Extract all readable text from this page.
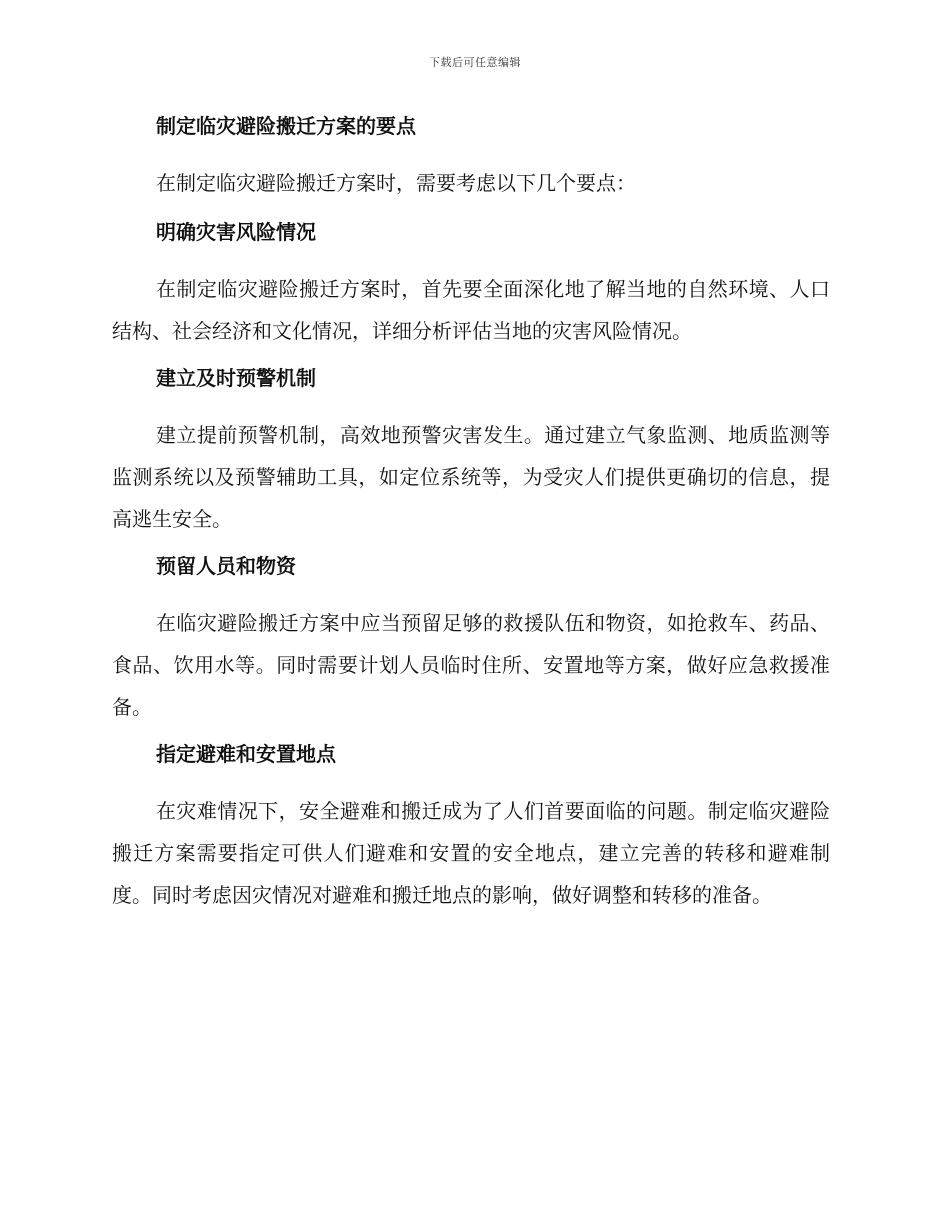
下载后可任意编辑
制定临灾避险搬迁方案的要点

在制定临灾避险搬迁方案时，需要考虑以下几个要点：

明确灾害风险情况

在制定临灾避险搬迁方案时，首先要全面深化地了解当地的自然环境、人口结构、社会经济和文化情况，详细分析评估当地的灾害风险情况。

建立及时预警机制

建立提前预警机制，高效地预警灾害发生。通过建立气象监测、地质监测等监测系统以及预警辅助工具，如定位系统等，为受灾人们提供更确切的信息，提高逃生安全。

预留人员和物资

在临灾避险搬迁方案中应当预留足够的救援队伍和物资，如抢救车、药品、食品、饮用水等。同时需要计划人员临时住所、安置地等方案，做好应急救援准备。

指定避难和安置地点

在灾难情况下，安全避难和搬迁成为了人们首要面临的问题。制定临灾避险搬迁方案需要指定可供人们避难和安置的安全地点，建立完善的转移和避难制度。同时考虑因灾情况对避难和搬迁地点的影响，做好调整和转移的准备。
